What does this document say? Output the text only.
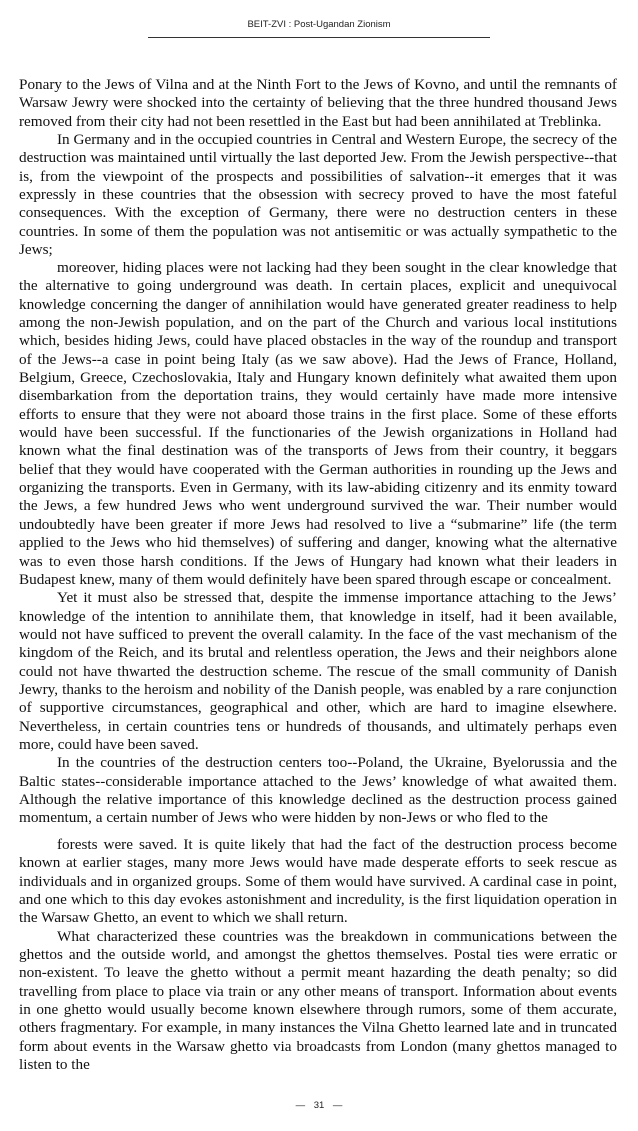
BEIT-ZVI : Post-Ugandan Zionism

Ponary to the Jews of Vilna and at the Ninth Fort to the Jews of Kovno, and until the remnants of Warsaw Jewry were shocked into the certainty of believing that the three hundred thousand Jews removed from their city had not been resettled in the East but had been annihilated at Treblinka.

In Germany and in the occupied countries in Central and Western Europe, the secrecy of the destruction was maintained until virtually the last deported Jew. From the Jewish perspective--that is, from the viewpoint of the prospects and possibilities of salvation--it emerges that it was expressly in these countries that the obsession with secrecy proved to have the most fateful consequences. With the exception of Germany, there were no destruction centers in these countries. In some of them the population was not antisemitic or was actually sympathetic to the Jews;

moreover, hiding places were not lacking had they been sought in the clear knowledge that the alternative to going underground was death. In certain places, explicit and unequivocal knowledge concerning the danger of annihilation would have generated greater readiness to help among the non-Jewish population, and on the part of the Church and various local institutions which, besides hiding Jews, could have placed obstacles in the way of the roundup and transport of the Jews--a case in point being Italy (as we saw above). Had the Jews of France, Holland, Belgium, Greece, Czechoslovakia, Italy and Hungary known definitely what awaited them upon disembarkation from the deportation trains, they would certainly have made more intensive efforts to ensure that they were not aboard those trains in the first place. Some of these efforts would have been successful. If the functionaries of the Jewish organizations in Holland had known what the final destination was of the transports of Jews from their country, it beggars belief that they would have cooperated with the German authorities in rounding up the Jews and organizing the transports. Even in Germany, with its law-abiding citizenry and its enmity toward the Jews, a few hundred Jews who went underground survived the war. Their number would undoubtedly have been greater if more Jews had resolved to live a “submarine” life (the term applied to the Jews who hid themselves) of suffering and danger, knowing what the alternative was to even those harsh conditions. If the Jews of Hungary had known what their leaders in Budapest knew, many of them would definitely have been spared through escape or concealment.

Yet it must also be stressed that, despite the immense importance attaching to the Jews’ knowledge of the intention to annihilate them, that knowledge in itself, had it been available, would not have sufficed to prevent the overall calamity. In the face of the vast mechanism of the kingdom of the Reich, and its brutal and relentless operation, the Jews and their neighbors alone could not have thwarted the destruction scheme. The rescue of the small community of Danish Jewry, thanks to the heroism and nobility of the Danish people, was enabled by a rare conjunction of supportive circumstances, geographical and other, which are hard to imagine elsewhere. Nevertheless, in certain countries tens or hundreds of thousands, and ultimately perhaps even more, could have been saved.

In the countries of the destruction centers too--Poland, the Ukraine, Byelorussia and the Baltic states--considerable importance attached to the Jews’ knowledge of what awaited them. Although the relative importance of this knowledge declined as the destruction process gained momentum, a certain number of Jews who were hidden by non-Jews or who fled to the

forests were saved. It is quite likely that had the fact of the destruction process become known at earlier stages, many more Jews would have made desperate efforts to seek rescue as individuals and in organized groups. Some of them would have survived. A cardinal case in point, and one which to this day evokes astonishment and incredulity, is the first liquidation operation in the Warsaw Ghetto, an event to which we shall return.

What characterized these countries was the breakdown in communications between the ghettos and the outside world, and amongst the ghettos themselves. Postal ties were erratic or non-existent. To leave the ghetto without a permit meant hazarding the death penalty; so did travelling from place to place via train or any other means of transport. Information about events in one ghetto would usually become known elsewhere through rumors, some of them accurate, others fragmentary. For example, in many instances the Vilna Ghetto learned late and in truncated form about events in the Warsaw ghetto via broadcasts from London (many ghettos managed to listen to the

— 31 —
